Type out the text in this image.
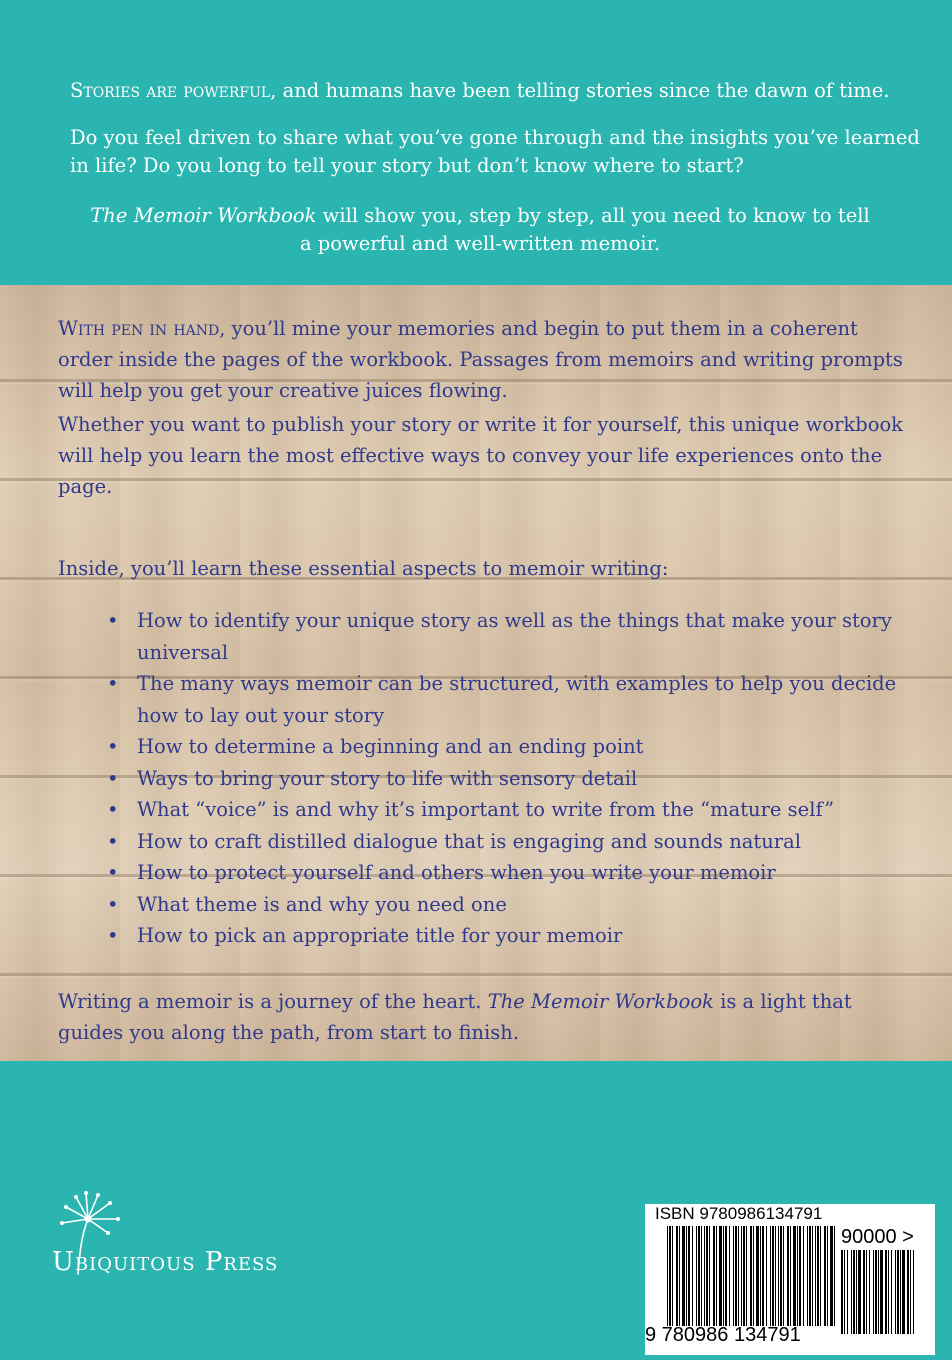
Stories are powerful, and humans have been telling stories since the dawn of time.

Do you feel driven to share what you’ve gone through and the insights you’ve learned in life? Do you long to tell your story but don’t know where to start?

The Memoir Workbook will show you, step by step, all you need to know to tell a powerful and well-written memoir.

With pen in hand, you’ll mine your memories and begin to put them in a coherent order inside the pages of the workbook. Passages from memoirs and writing prompts will help you get your creative juices flowing.

Whether you want to publish your story or write it for yourself, this unique workbook will help you learn the most effective ways to convey your life experiences onto the page.

Inside, you’ll learn these essential aspects to memoir writing:

• How to identify your unique story as well as the things that make your story universal
• The many ways memoir can be structured, with examples to help you decide how to lay out your story
• How to determine a beginning and an ending point
• Ways to bring your story to life with sensory detail
• What “voice” is and why it’s important to write from the “mature self”
• How to craft distilled dialogue that is engaging and sounds natural
• How to protect yourself and others when you write your memoir
• What theme is and why you need one
• How to pick an appropriate title for your memoir

Writing a memoir is a journey of the heart. The Memoir Workbook is a light that guides you along the path, from start to finish.

Ubiquitous Press
ISBN 9780986134791
90000 >
9 780986 134791
